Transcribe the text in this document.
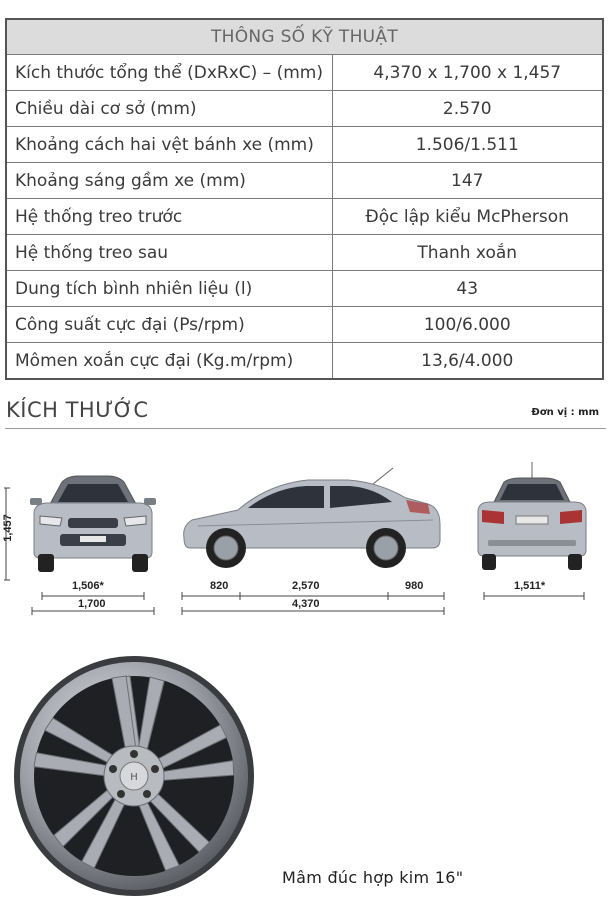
THÔNG SỐ KỸ THUẬT	
Kích thước tổng thể (DxRxC) – (mm)	4,370 x 1,700 x 1,457
Chiều dài cơ sở (mm)	2.570
Khoảng cách hai vệt bánh xe (mm)	1.506/1.511
Khoảng sáng gầm xe (mm)	147
Hệ thống treo trước	Độc lập kiểu McPherson
Hệ thống treo sau	Thanh xoắn
Dung tích bình nhiên liệu (l)	43
Công suất cực đại (Ps/rpm)	100/6.000
Mômen xoắn cực đại (Kg.m/rpm)	13,6/4.000
KÍCH THƯỚC	Đơn vị : mm
1,457
1,506*
1,700
820	2,570	980
4,370
1,511*
H
Mâm đúc hợp kim 16"
